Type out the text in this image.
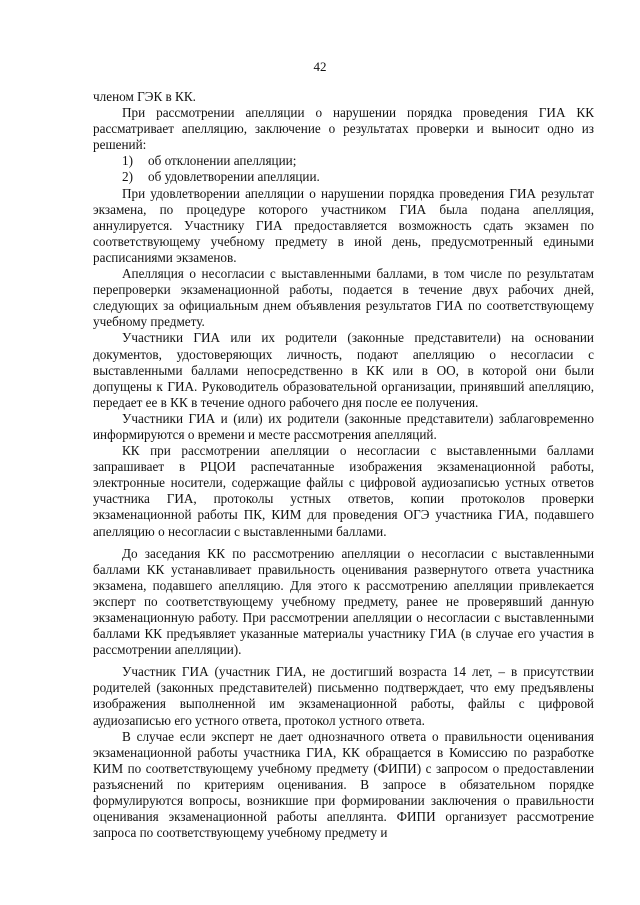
42

членом ГЭК в КК.

При рассмотрении апелляции о нарушении порядка проведения ГИА КК рассматривает апелляцию, заключение о результатах проверки и выносит одно из решений:

1) об отклонении апелляции;
2) об удовлетворении апелляции.

При удовлетворении апелляции о нарушении порядка проведения ГИА результат экзамена, по процедуре которого участником ГИА была подана апелляция, аннулируется. Участнику ГИА предоставляется возможность сдать экзамен по соответствующему учебному предмету в иной день, предусмотренный едиными расписаниями экзаменов.

Апелляция о несогласии с выставленными баллами, в том числе по результатам перепроверки экзаменационной работы, подается в течение двух рабочих дней, следующих за официальным днем объявления результатов ГИА по соответствующему учебному предмету.

Участники ГИА или их родители (законные представители) на основании документов, удостоверяющих личность, подают апелляцию о несогласии с выставленными баллами непосредственно в КК или в ОО, в которой они были допущены к ГИА. Руководитель образовательной организации, принявший апелляцию, передает ее в КК в течение одного рабочего дня после ее получения.

Участники ГИА и (или) их родители (законные представители) заблаговременно информируются о времени и месте рассмотрения апелляций.

КК при рассмотрении апелляции о несогласии с выставленными баллами запрашивает в РЦОИ распечатанные изображения экзаменационной работы, электронные носители, содержащие файлы с цифровой аудиозаписью устных ответов участника ГИА, протоколы устных ответов, копии протоколов проверки экзаменационной работы ПК, КИМ для проведения ОГЭ участника ГИА, подавшего апелляцию о несогласии с выставленными баллами.

До заседания КК по рассмотрению апелляции о несогласии с выставленными баллами КК устанавливает правильность оценивания развернутого ответа участника экзамена, подавшего апелляцию. Для этого к рассмотрению апелляции привлекается эксперт по соответствующему учебному предмету, ранее не проверявший данную экзаменационную работу. При рассмотрении апелляции о несогласии с выставленными баллами КК предъявляет указанные материалы участнику ГИА (в случае его участия в рассмотрении апелляции).

Участник ГИА (участник ГИА, не достигший возраста 14 лет, – в присутствии родителей (законных представителей) письменно подтверждает, что ему предъявлены изображения выполненной им экзаменационной работы, файлы с цифровой аудиозаписью его устного ответа, протокол устного ответа.

В случае если эксперт не дает однозначного ответа о правильности оценивания экзаменационной работы участника ГИА, КК обращается в Комиссию по разработке КИМ по соответствующему учебному предмету (ФИПИ) с запросом о предоставлении разъяснений по критериям оценивания. В запросе в обязательном порядке формулируются вопросы, возникшие при формировании заключения о правильности оценивания экзаменационной работы апеллянта. ФИПИ организует рассмотрение запроса по соответствующему учебному предмету и
